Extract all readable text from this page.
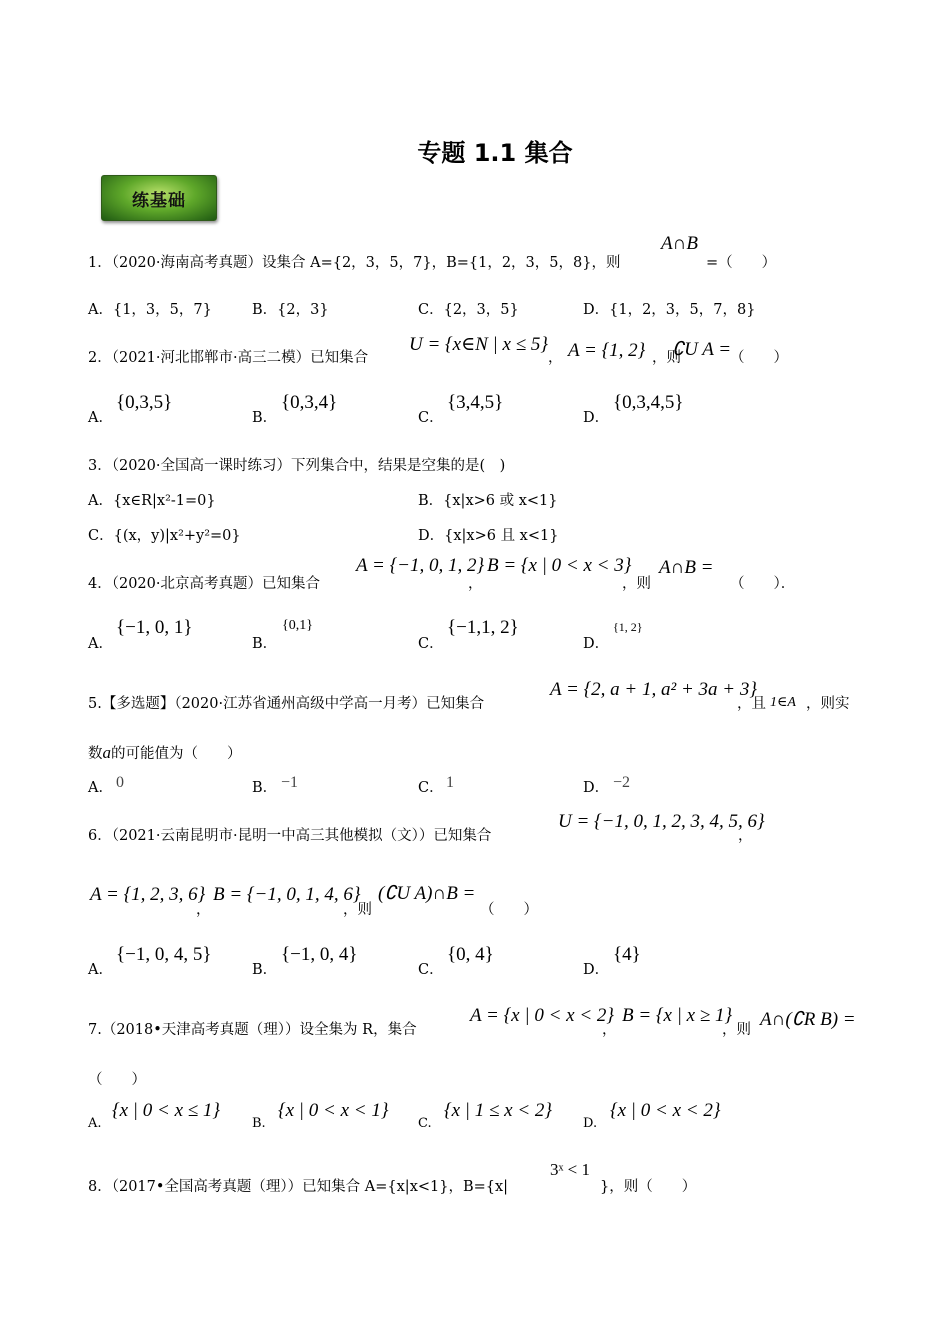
专题 1.1 集合
练基础
1．（2020·海南高考真题）设集合 A={2，3，5，7}，B={1，2，3，5，8}，则
A∩B
=（　　）
A．{1，3，5，7}	B．{2，3}	C．{2，3，5}	D．{1，2，3，5，7，8}
2．（2021·河北邯郸市·高三二模）已知集合
U = {x∈N | x ≤ 5}
， A = {1, 2} ，则
∁U A =
（　　）
A．
{0,3,5}
B．
{0,3,4}
C．
{3,4,5}
D．
{0,3,4,5}
3．（2020·全国高一课时练习）下列集合中，结果是空集的是(　)
A．{x∈R|x²-1=0}	B．{x|x>6 或 x<1}
C．{(x，y)|x²+y²=0}	D．{x|x>6 且 x<1}
4．（2020·北京高考真题）已知集合
A = {−1, 0, 1, 2}
，
B = {x | 0 < x < 3}
，则
A∩B =
（　　）．
A．
{−1, 0, 1}
B．
{0,1}
C．
{−1,1, 2}
D．
{1, 2}
5.【多选题】（2020·江苏省通州高级中学高一月考）已知集合
A = {2, a + 1, a² + 3a + 3}
，且 1∈A ，则实
数a的可能值为（　　）
A． 0	B． −1	C． 1	D． −2
6．（2021·云南昆明市·昆明一中高三其他模拟（文））已知集合
U = {−1, 0, 1, 2, 3, 4, 5, 6}
，
A = {1, 2, 3, 6}
，
B = {−1, 0, 1, 4, 6}
，则
(∁U A)∩B =
（　　）
A．
{−1, 0, 4, 5}
B．
{−1, 0, 4}
C．
{0, 4}
D．
{4}
7.（2018•天津高考真题（理））设全集为 R，集合
A = {x | 0 < x < 2}
，
B = {x | x ≥ 1}
，则 A∩(∁R B) =
（　　）
A.
{x | 0 < x ≤ 1}
B.
{x | 0 < x < 1}
C.
{x | 1 ≤ x < 2}
D.
{x | 0 < x < 2}
8．（2017•全国高考真题（理））已知集合 A={x|x<1}，B={x|
3ˣ < 1
}，则（　　）
